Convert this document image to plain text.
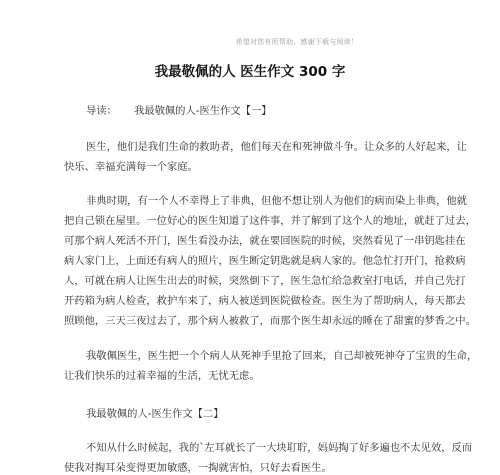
希望对您有所帮助，感谢下载与阅读！
我最敬佩的人 医生作文 300 字
导读： 我最敬佩的人-医生作文【一】

医生，他们是我们生命的救助者，他们每天在和死神做斗争。让众多的人好起来，让
快乐、幸福充满每一个家庭。

非典时期，有一个人不幸得上了非典，但他不想让别人为他们的病而染上非典，他就
把自己锁在屋里。一位好心的医生知道了这件事，并了解到了这个人的地址，就赶了过去，
可那个病人死活不开门，医生看没办法，就在要回医院的时候，突然看见了一串钥匙挂在
病人家门上，上面还有病人的照片，医生断定钥匙就是病人家的。他急忙打开门，抢救病
人，可就在病人让医生出去的时候，突然倒下了，医生急忙给急救室打电话，并自己先打
开药箱为病人检查，救护车来了，病人被送到医院做检查。医生为了帮助病人，每天都去
照顾他，三天三夜过去了，那个病人被救了，而那个医生却永远的睡在了甜蜜的梦香之中。

我敬佩医生，医生把一个个病人从死神手里抢了回来，自己却被死神夺了宝贵的生命，
让我们快乐的过着幸福的生活，无忧无虑。

我最敬佩的人-医生作文【二】

不知从什么时候起，我的`左耳就长了一大块耵聍，妈妈掏了好多遍也不太见效，反而
使我对掏耳朵变得更加敏感，一掏就害怕，只好去看医生。
